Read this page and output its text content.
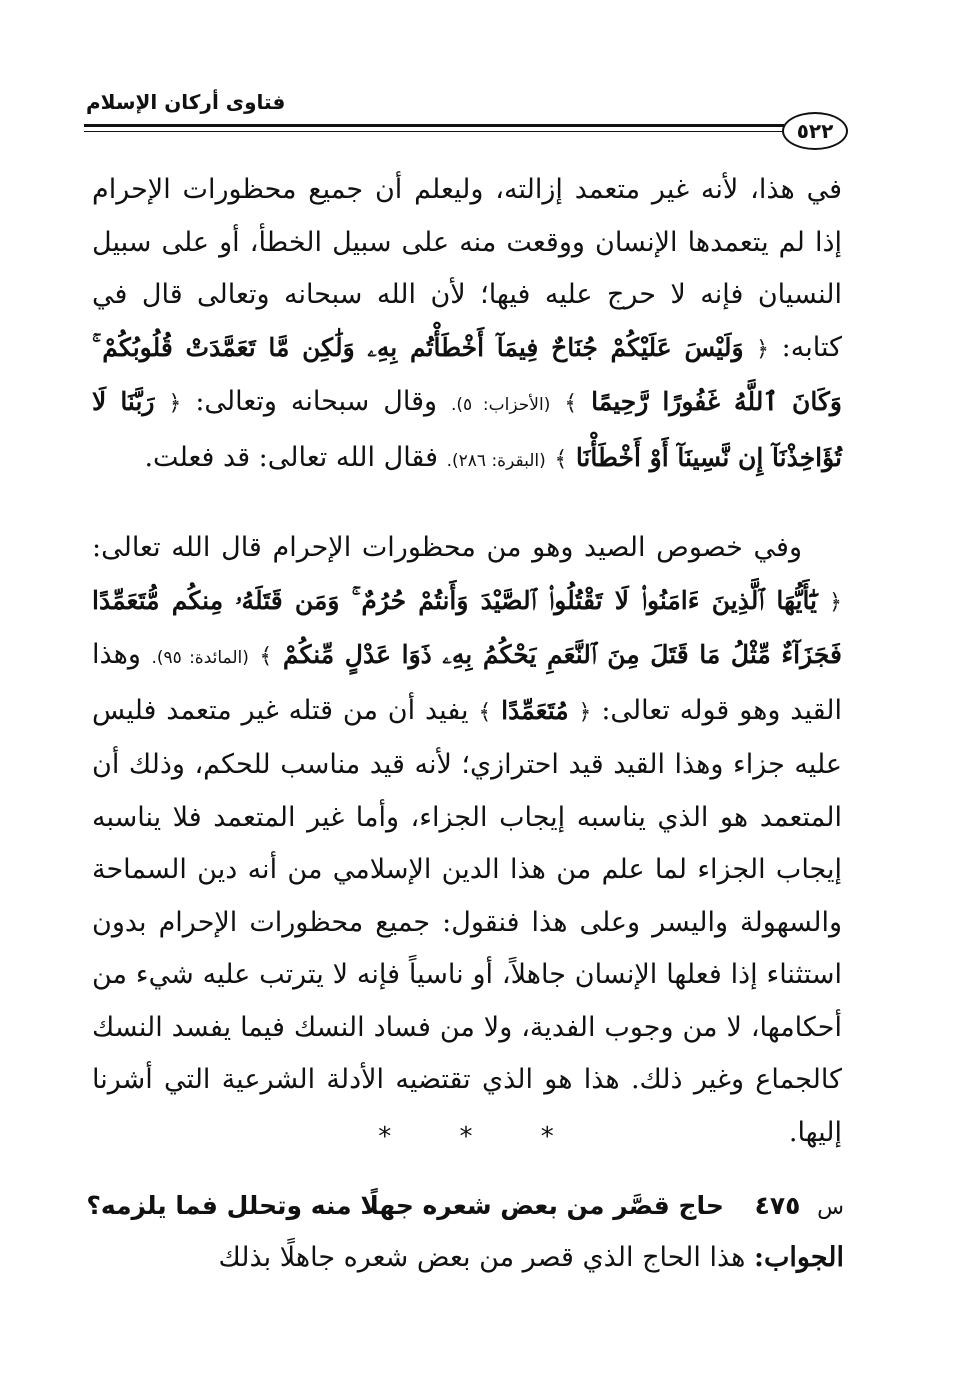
فتاوى أركان الإسلام
٥٢٢

في هذا، لأنه غير متعمد إزالته، وليعلم أن جميع محظورات الإحرام إذا لم يتعمدها الإنسان ووقعت منه على سبيل الخطأ، أو على سبيل النسيان فإنه لا حرج عليه فيها؛ لأن الله سبحانه وتعالى قال في كتابه: ﴿ وَلَيْسَ عَلَيْكُمْ جُنَاحٌ فِيمَآ أَخْطَأْتُم بِهِۦ وَلَٰكِن مَّا تَعَمَّدَتْ قُلُوبُكُمْ ۚ وَكَانَ ٱللَّهُ غَفُورًا رَّحِيمًا ﴾ (الأحزاب: ٥). وقال سبحانه وتعالى: ﴿ رَبَّنَا لَا تُؤَاخِذْنَآ إِن نَّسِينَآ أَوْ أَخْطَأْنَا ﴾ (البقرة: ٢٨٦). فقال الله تعالى: قد فعلت.

وفي خصوص الصيد وهو من محظورات الإحرام قال الله تعالى: ﴿ يَٰٓأَيُّهَا ٱلَّذِينَ ءَامَنُوا۟ لَا تَقْتُلُوا۟ ٱلصَّيْدَ وَأَنتُمْ حُرُمٌ ۚ وَمَن قَتَلَهُۥ مِنكُم مُّتَعَمِّدًا فَجَزَآءٌ مِّثْلُ مَا قَتَلَ مِنَ ٱلنَّعَمِ يَحْكُمُ بِهِۦ ذَوَا عَدْلٍ مِّنكُمْ ﴾ (المائدة: ٩٥). وهذا القيد وهو قوله تعالى: ﴿ مُتَعَمِّدًا ﴾ يفيد أن من قتله غير متعمد فليس عليه جزاء وهذا القيد قيد احترازي؛ لأنه قيد مناسب للحكم، وذلك أن المتعمد هو الذي يناسبه إيجاب الجزاء، وأما غير المتعمد فلا يناسبه إيجاب الجزاء لما علم من هذا الدين الإسلامي من أنه دين السماحة والسهولة واليسر وعلى هذا فنقول: جميع محظورات الإحرام بدون استثناء إذا فعلها الإنسان جاهلاً، أو ناسياً فإنه لا يترتب عليه شيء من أحكامها، لا من وجوب الفدية، ولا من فساد النسك فيما يفسد النسك كالجماع وغير ذلك. هذا هو الذي تقتضيه الأدلة الشرعية التي أشرنا إليها.

* * *
س ٤٧٥ حاج قصَّر من بعض شعره جهلًا منه وتحلل فما يلزمه؟
الجواب: هذا الحاج الذي قصر من بعض شعره جاهلًا بذلك
